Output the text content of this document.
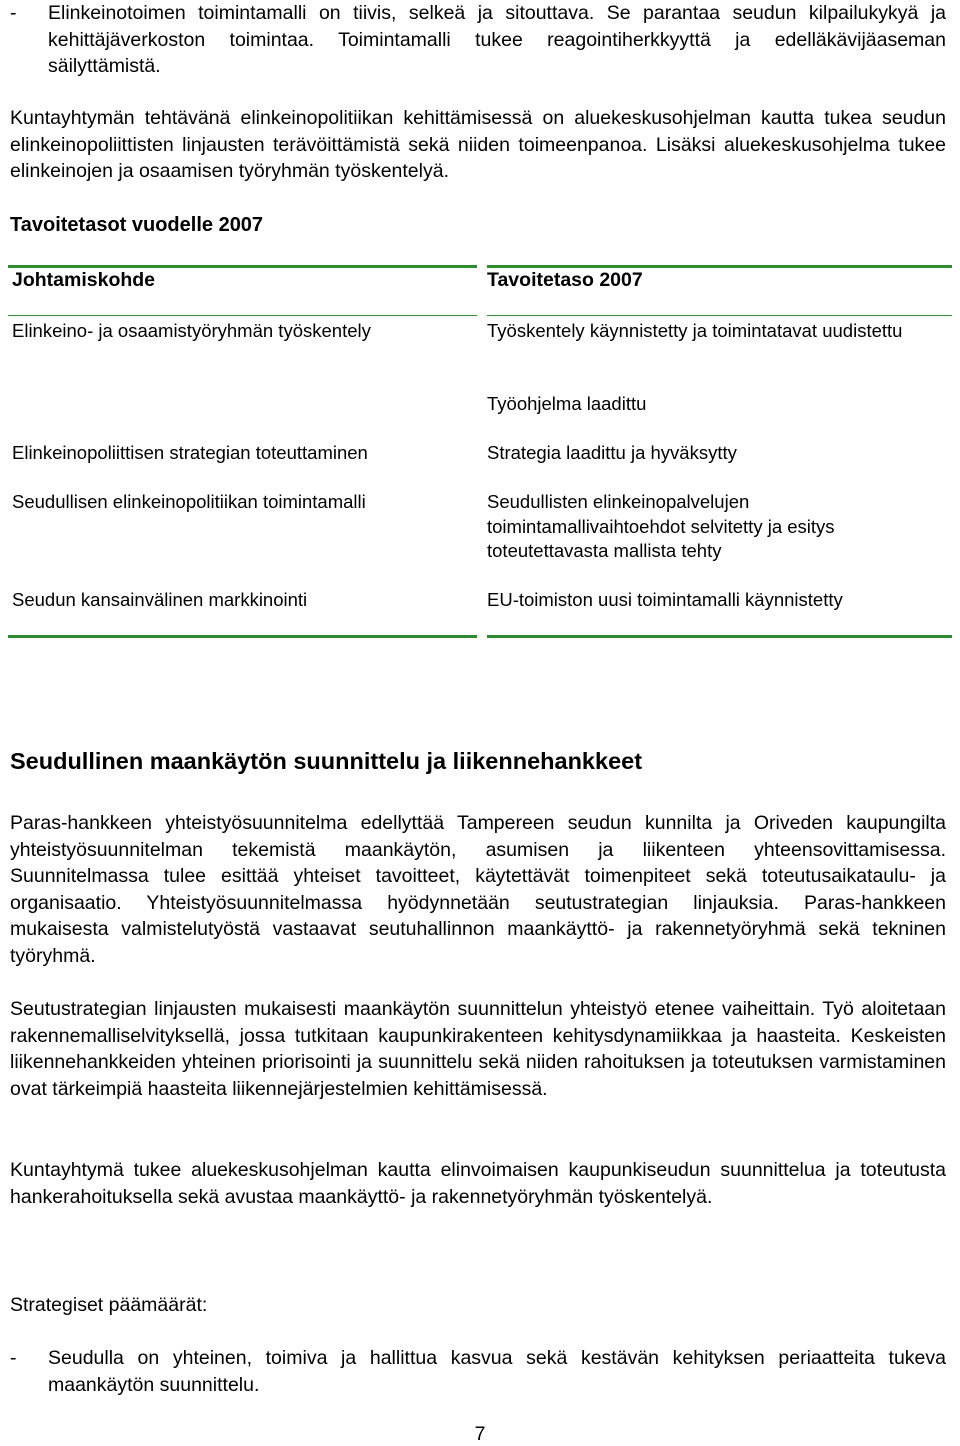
- Elinkeinotoimen toimintamalli on tiivis, selkeä ja sitouttava. Se parantaa seudun kilpailukykyä ja kehittäjäverkoston toimintaa. Toimintamalli tukee reagointiherkkyyttä ja edelläkävijäaseman säilyttämistä.
Kuntayhtymän tehtävänä elinkeinopolitiikan kehittämisessä on aluekeskusohjelman kautta tukea seudun elinkeinopoliittisten linjausten terävöittämistä sekä niiden toimeenpanoa. Lisäksi aluekeskusohjelma tukee elinkeinojen ja osaamisen työryhmän työskentelyä.
Tavoitetasot vuodelle 2007
Johtamiskohde	Tavoitetaso 2007
Elinkeino- ja osaamistyöryhmän työskentely	Työskentely käynnistetty ja toimintatavat uudistettu
Työohjelma laadittu
Elinkeinopoliittisen strategian toteuttaminen	Strategia laadittu ja hyväksytty
Seudullisen elinkeinopolitiikan toimintamalli	Seudullisten elinkeinopalvelujen toimintamallivaihtoehdot selvitetty ja esitys toteutettavasta mallista tehty
Seudun kansainvälinen markkinointi	EU-toimiston uusi toimintamalli käynnistetty
Seudullinen maankäytön suunnittelu ja liikennehankkeet
Paras-hankkeen yhteistyösuunnitelma edellyttää Tampereen seudun kunnilta ja Oriveden kaupungilta yhteistyösuunnitelman tekemistä maankäytön, asumisen ja liikenteen yhteensovittamisessa. Suunnitelmassa tulee esittää yhteiset tavoitteet, käytettävät toimenpiteet sekä toteutusaikataulu- ja organisaatio. Yhteistyösuunnitelmassa hyödynnetään seutustrategian linjauksia. Paras-hankkeen mukaisesta valmistelutyöstä vastaavat seutuhallinnon maankäyttö- ja rakennetyöryhmä sekä tekninen työryhmä.
Seutustrategian linjausten mukaisesti maankäytön suunnittelun yhteistyö etenee vaiheittain. Työ aloitetaan rakennemalliselvityksellä, jossa tutkitaan kaupunkirakenteen kehitysdynamiikkaa ja haasteita. Keskeisten liikennehankkeiden yhteinen priorisointi ja suunnittelu sekä niiden rahoituksen ja toteutuksen varmistaminen ovat tärkeimpiä haasteita liikennejärjestelmien kehittämisessä.
Kuntayhtymä tukee aluekeskusohjelman kautta elinvoimaisen kaupunkiseudun suunnittelua ja toteutusta hankerahoituksella sekä avustaa maankäyttö- ja rakennetyöryhmän työskentelyä.
Strategiset päämäärät:
- Seudulla on yhteinen, toimiva ja hallittua kasvua sekä kestävän kehityksen periaatteita tukeva maankäytön suunnittelu.
7
